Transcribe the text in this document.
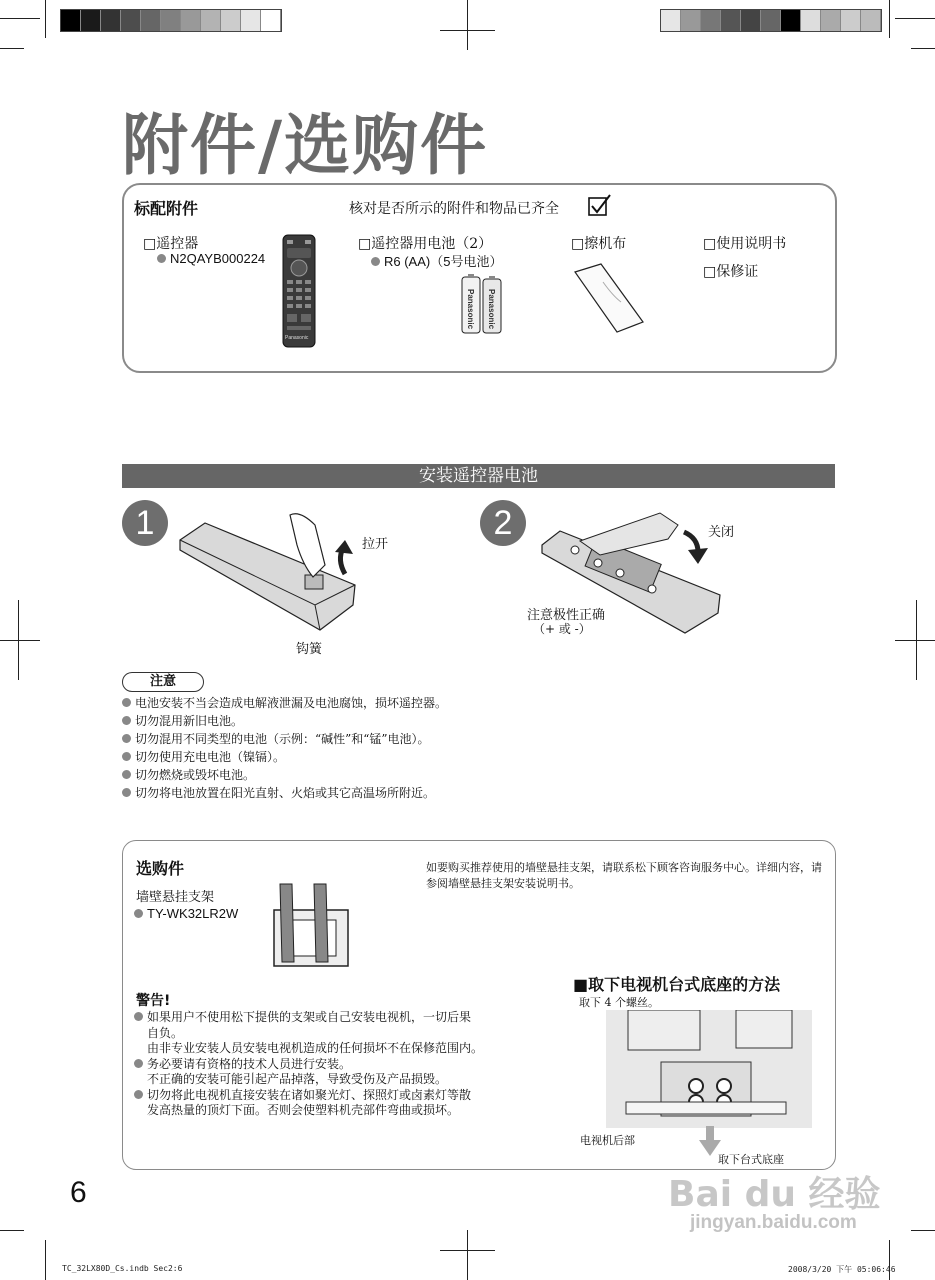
附件/选购件
标配附件	核对是否所示的附件和物品已齐全
□遥控器
N2QAYB000224
Panasonic
□遥控器用电池（2）
R6 (AA)（5号电池）
Panasonic Panasonic
□擦机布	□使用说明书
□保修证
安装遥控器电池
1
拉开
钩簧
2	关闭
注意极性正确
（+ 或 -）
注意
电池安装不当会造成电解液泄漏及电池腐蚀，损坏遥控器。
切勿混用新旧电池。
切勿混用不同类型的电池（示例：“碱性”和“锰”电池）。
切勿使用充电电池（镍镉）。
切勿燃烧或毁坏电池。
切勿将电池放置在阳光直射、火焰或其它高温场所附近。
选购件
墙壁悬挂支架
TY-WK32LR2W
如要购买推荐使用的墙壁悬挂支架，请联系松下顾客咨询服务中心。详细内容，请参阅墙壁悬挂支架安装说明书。
警告!
如果用户不使用松下提供的支架或自己安装电视机，一切后果
自负。
由非专业安装人员安装电视机造成的任何损坏不在保修范围内。
务必要请有资格的技术人员进行安装。
不正确的安装可能引起产品掉落，导致受伤及产品损毁。
切勿将此电视机直接安装在诸如聚光灯、探照灯或卤素灯等散
发高热量的顶灯下面。否则会使塑料机壳部件弯曲或损坏。
■取下电视机台式底座的方法
取下 4 个螺丝。
电视机后部
取下台式底座
6
TC_32LX80D_Cs.indb Sec2:6	2008/3/20 下午 05:06:46
Bai du 经验
jingyan.baidu.com
